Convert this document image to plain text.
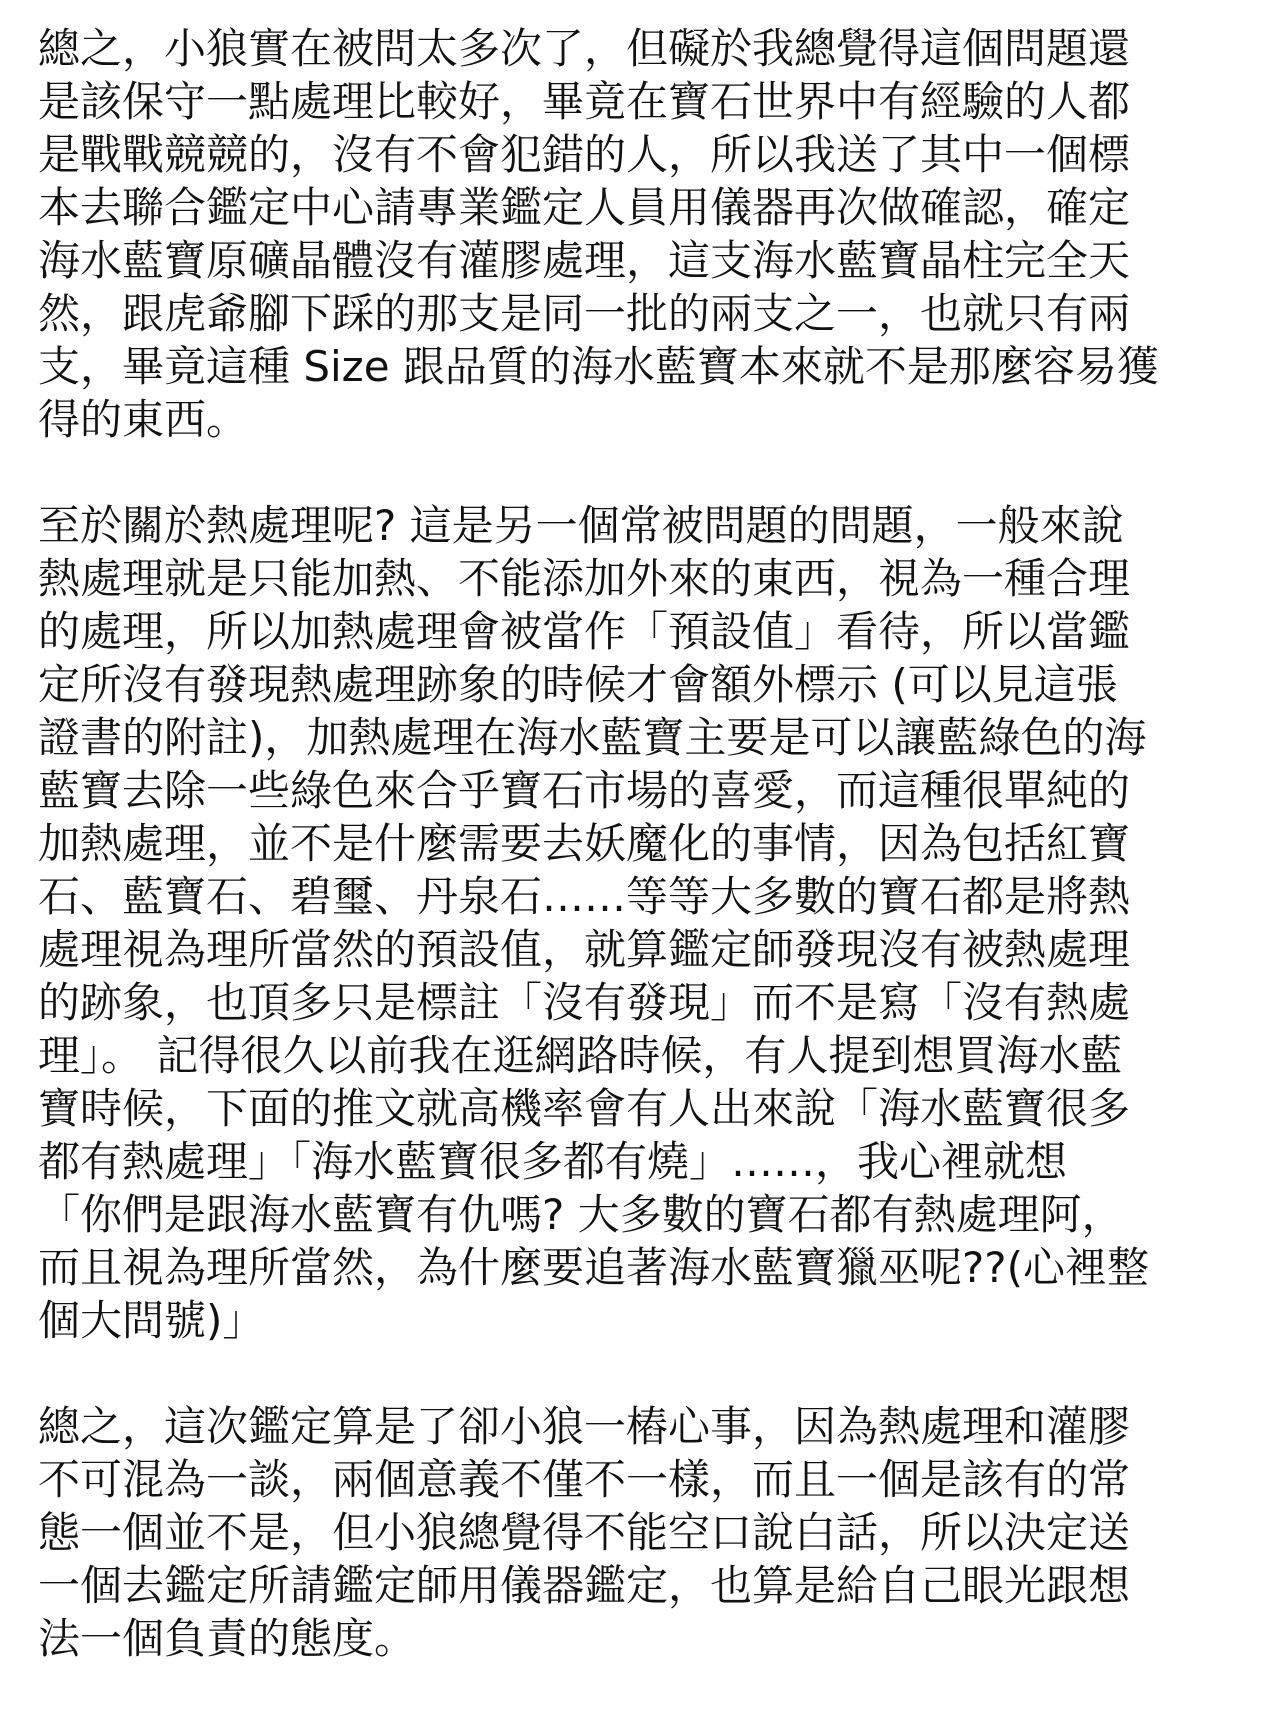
總之，小狼實在被問太多次了，但礙於我總覺得這個問題還
是該保守一點處理比較好，畢竟在寶石世界中有經驗的人都
是戰戰競競的，沒有不會犯錯的人，所以我送了其中一個標
本去聯合鑑定中心請專業鑑定人員用儀器再次做確認，確定
海水藍寶原礦晶體沒有灌膠處理，這支海水藍寶晶柱完全天
然，跟虎爺腳下踩的那支是同一批的兩支之一，也就只有兩
支，畢竟這種 Size 跟品質的海水藍寶本來就不是那麼容易獲
得的東西。
至於關於熱處理呢? 這是另一個常被問題的問題，一般來說
熱處理就是只能加熱、不能添加外來的東西，視為一種合理
的處理，所以加熱處理會被當作「預設值」看待，所以當鑑
定所沒有發現熱處理跡象的時候才會額外標示 (可以見這張
證書的附註)，加熱處理在海水藍寶主要是可以讓藍綠色的海
藍寶去除一些綠色來合乎寶石市場的喜愛，而這種很單純的
加熱處理，並不是什麼需要去妖魔化的事情，因為包括紅寶
石、藍寶石、碧璽、丹泉石……等等大多數的寶石都是將熱
處理視為理所當然的預設值，就算鑑定師發現沒有被熱處理
的跡象，也頂多只是標註「沒有發現」而不是寫「沒有熱處
理」。 記得很久以前我在逛網路時候，有人提到想買海水藍
寶時候，下面的推文就高機率會有人出來說「海水藍寶很多
都有熱處理」「海水藍寶很多都有燒」……，我心裡就想
「你們是跟海水藍寶有仇嗎? 大多數的寶石都有熱處理阿，
而且視為理所當然，為什麼要追著海水藍寶獵巫呢??(心裡整
個大問號)」
總之，這次鑑定算是了卻小狼一樁心事，因為熱處理和灌膠
不可混為一談，兩個意義不僅不一樣，而且一個是該有的常
態一個並不是，但小狼總覺得不能空口說白話，所以決定送
一個去鑑定所請鑑定師用儀器鑑定，也算是給自己眼光跟想
法一個負責的態度。
